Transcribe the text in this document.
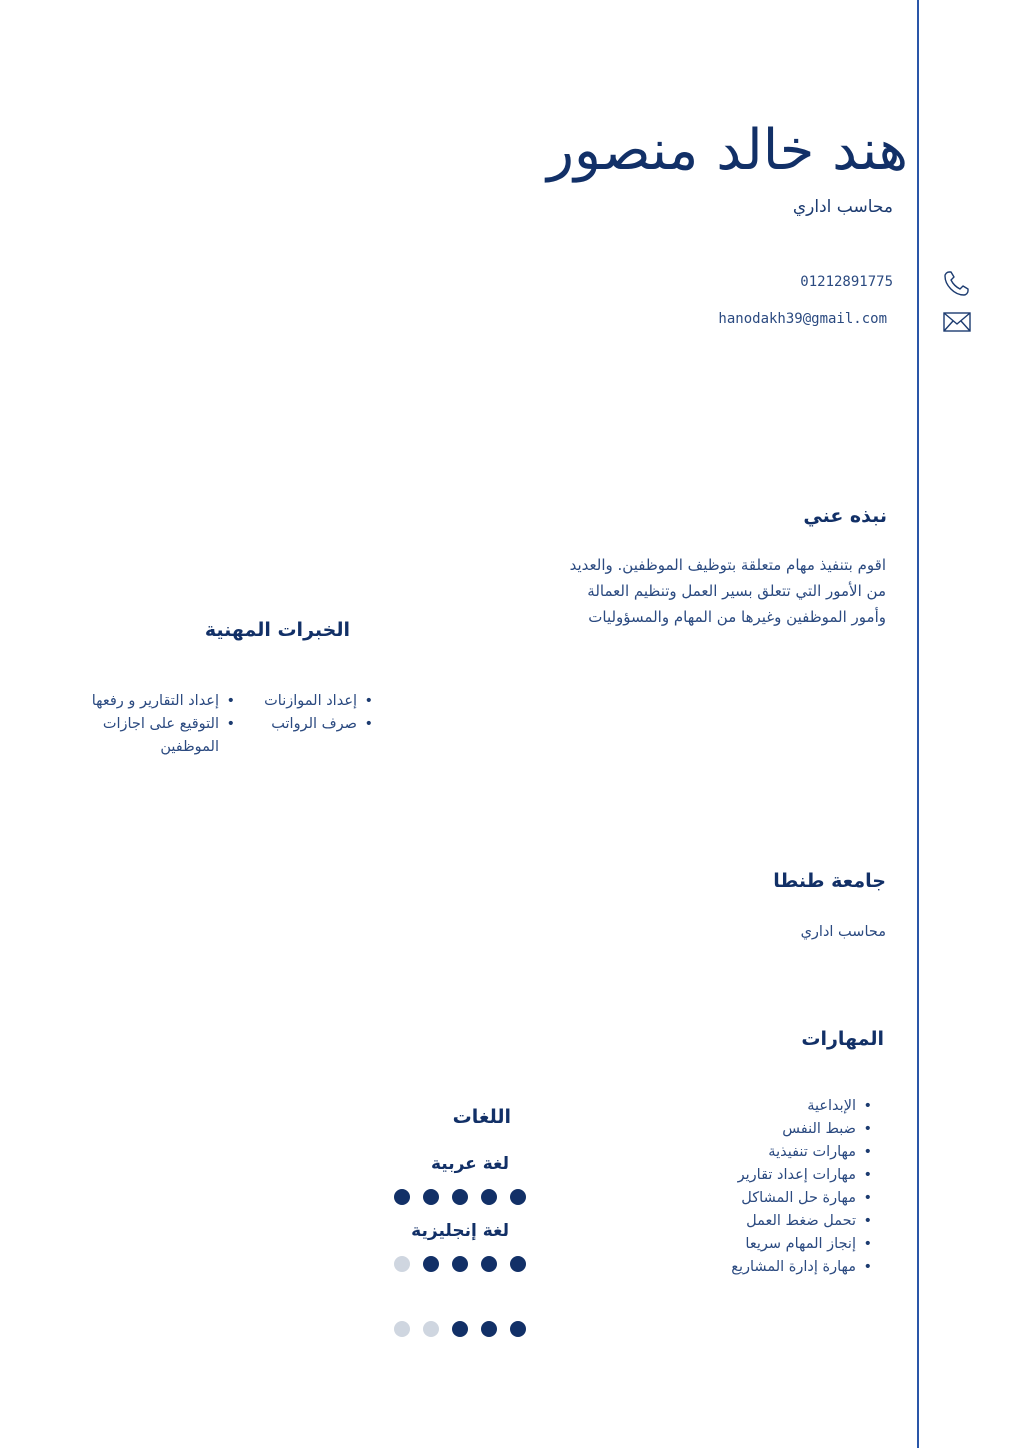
هند خالد منصور
محاسب اداري
01212891775
hanodakh39@gmail.com
نبذه عني
اقوم بتنفيذ مهام متعلقة بتوظيف الموظفين. والعديد من الأمور التي تتعلق بسير العمل وتنظيم العمالة وأمور الموظفين وغيرها من المهام والمسؤوليات
الخبرات المهنية
• إعداد الموازنات
• صرف الرواتب
• إعداد التقارير و رفعها
• التوقيع على اجازات الموظفين
جامعة طنطا
محاسب اداري
المهارات
• الإبداعية
• ضبط النفس
• مهارات تنفيذية
• مهارات إعداد تقارير
• مهارة حل المشاكل
• تحمل ضغط العمل
• إنجاز المهام سريعا
• مهارة إدارة المشاريع
اللغات
لغة عربية
لغة إنجليزية
